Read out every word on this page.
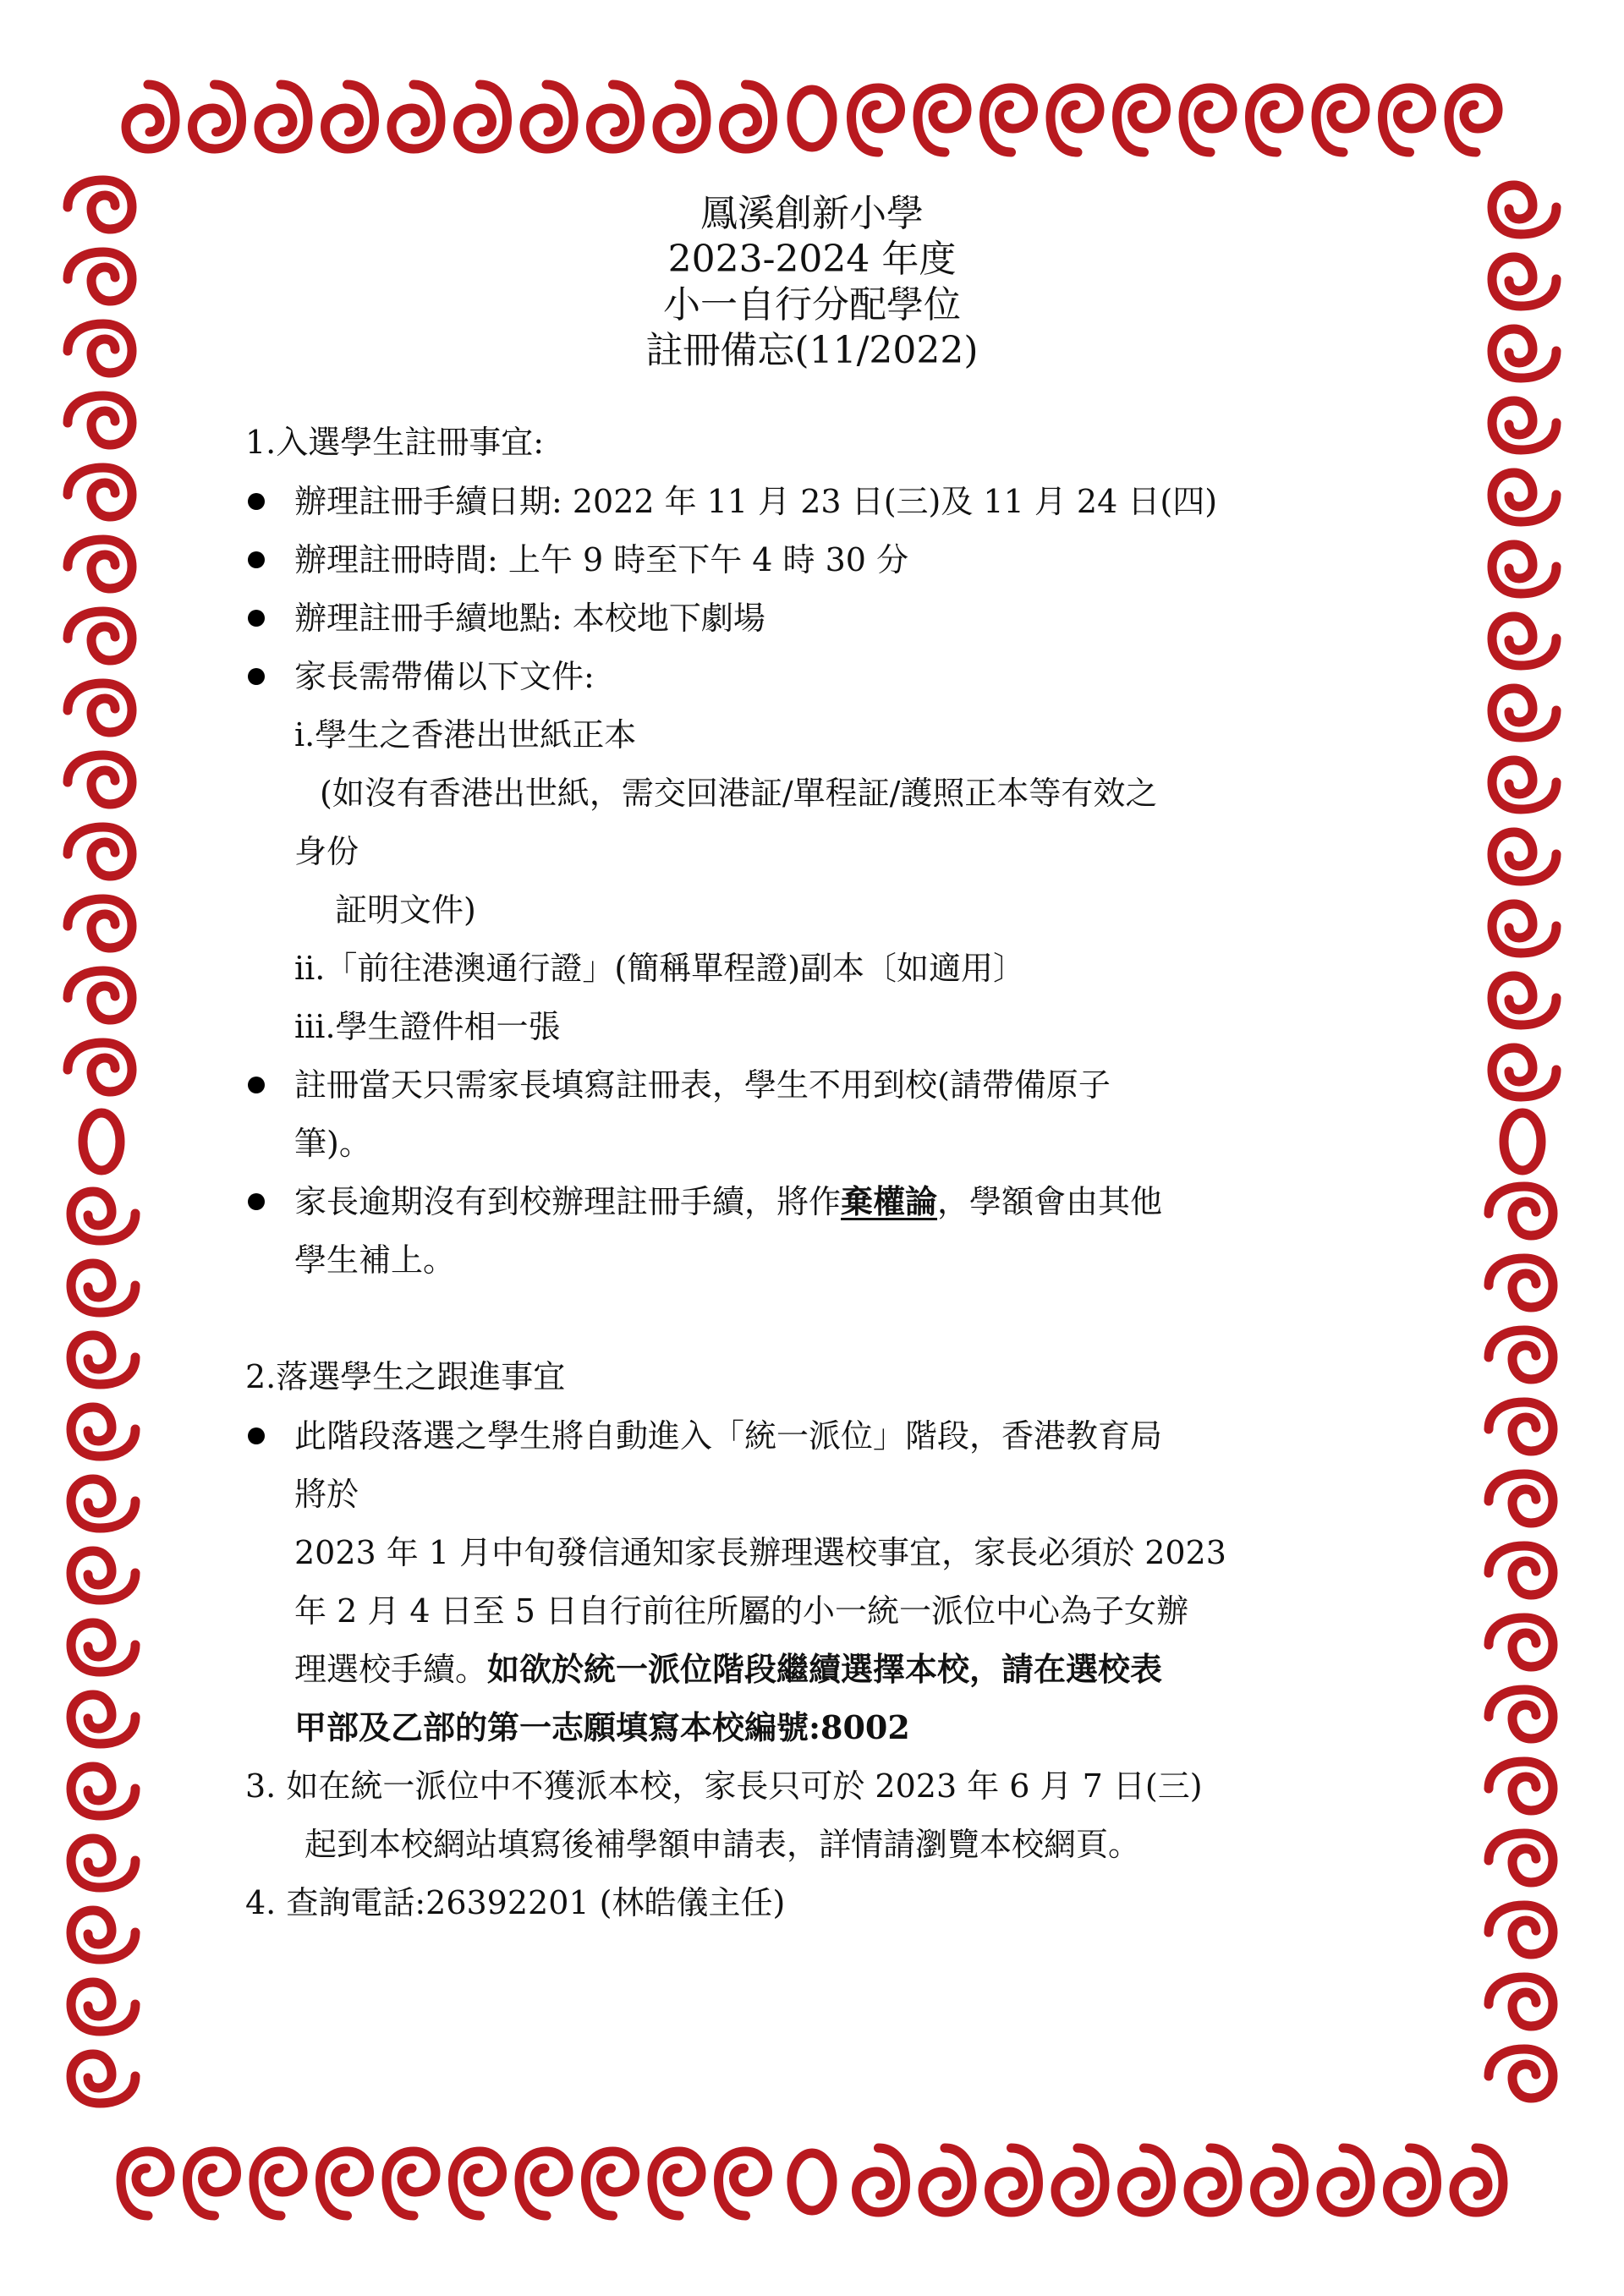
鳳溪創新小學
2023-2024 年度
小一自行分配學位
註冊備忘(11/2022)
1.入選學生註冊事宜:
辦理註冊手續日期: 2022 年 11 月 23 日(三)及 11 月 24 日(四)
辦理註冊時間: 上午 9 時至下午 4 時 30 分
辦理註冊手續地點: 本校地下劇場
家長需帶備以下文件:
i.學生之香港出世紙正本
(如沒有香港出世紙，需交回港証/單程証/護照正本等有效之
身份
証明文件)
ii.「前往港澳通行證」(簡稱單程證)副本〔如適用〕
iii.學生證件相一張
註冊當天只需家長填寫註冊表，學生不用到校(請帶備原子
筆)。
家長逾期沒有到校辦理註冊手續，將作棄權論，學額會由其他
學生補上。
2.落選學生之跟進事宜
此階段落選之學生將自動進入「統一派位」階段，香港教育局
將於
2023 年 1 月中旬發信通知家長辦理選校事宜，家長必須於 2023
年 2 月 4 日至 5 日自行前往所屬的小一統一派位中心為子女辦
理選校手續。如欲於統一派位階段繼續選擇本校，請在選校表
甲部及乙部的第一志願填寫本校編號:8002
3. 如在統一派位中不獲派本校，家長只可於 2023 年 6 月 7 日(三)
起到本校網站填寫後補學額申請表，詳情請瀏覽本校網頁。
4. 查詢電話:26392201 (林皓儀主任)
